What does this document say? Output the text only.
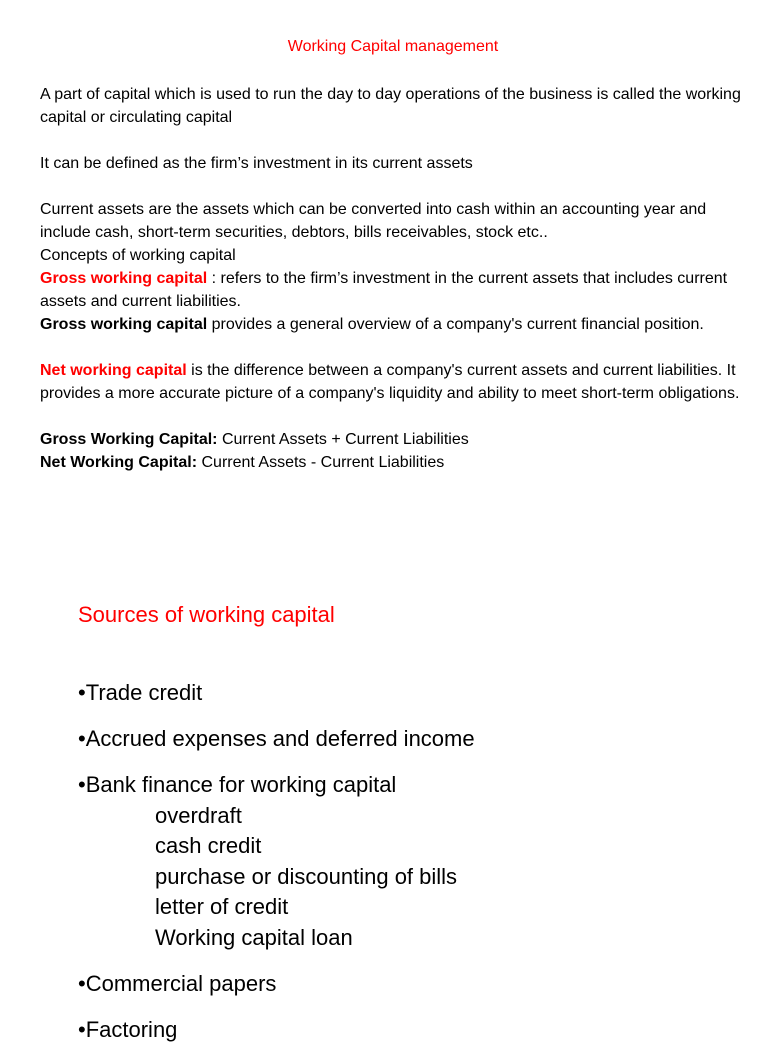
Working Capital management

A part of capital which is used to run the day to day operations of the business is called the working capital or circulating capital

It can be defined as the firm’s investment in its current assets

Current assets are the assets which can be converted into cash within an accounting year and include cash, short-term securities, debtors, bills receivables, stock etc..

Concepts of working capital

Gross working capital : refers to the firm’s investment in the current assets that includes current assets and current liabilities.

Gross working capital provides a general overview of a company's current financial position.

Net working capital is the difference between a company's current assets and current liabilities. It provides a more accurate picture of a company's liquidity and ability to meet short-term obligations.

Gross Working Capital: Current Assets + Current Liabilities

Net Working Capital: Current Assets - Current Liabilities

Sources of working capital

•Trade credit

•Accrued expenses and deferred income

•Bank finance for working capital
overdraft
cash credit
purchase or discounting of bills
letter of credit
Working capital loan

•Commercial papers

•Factoring
